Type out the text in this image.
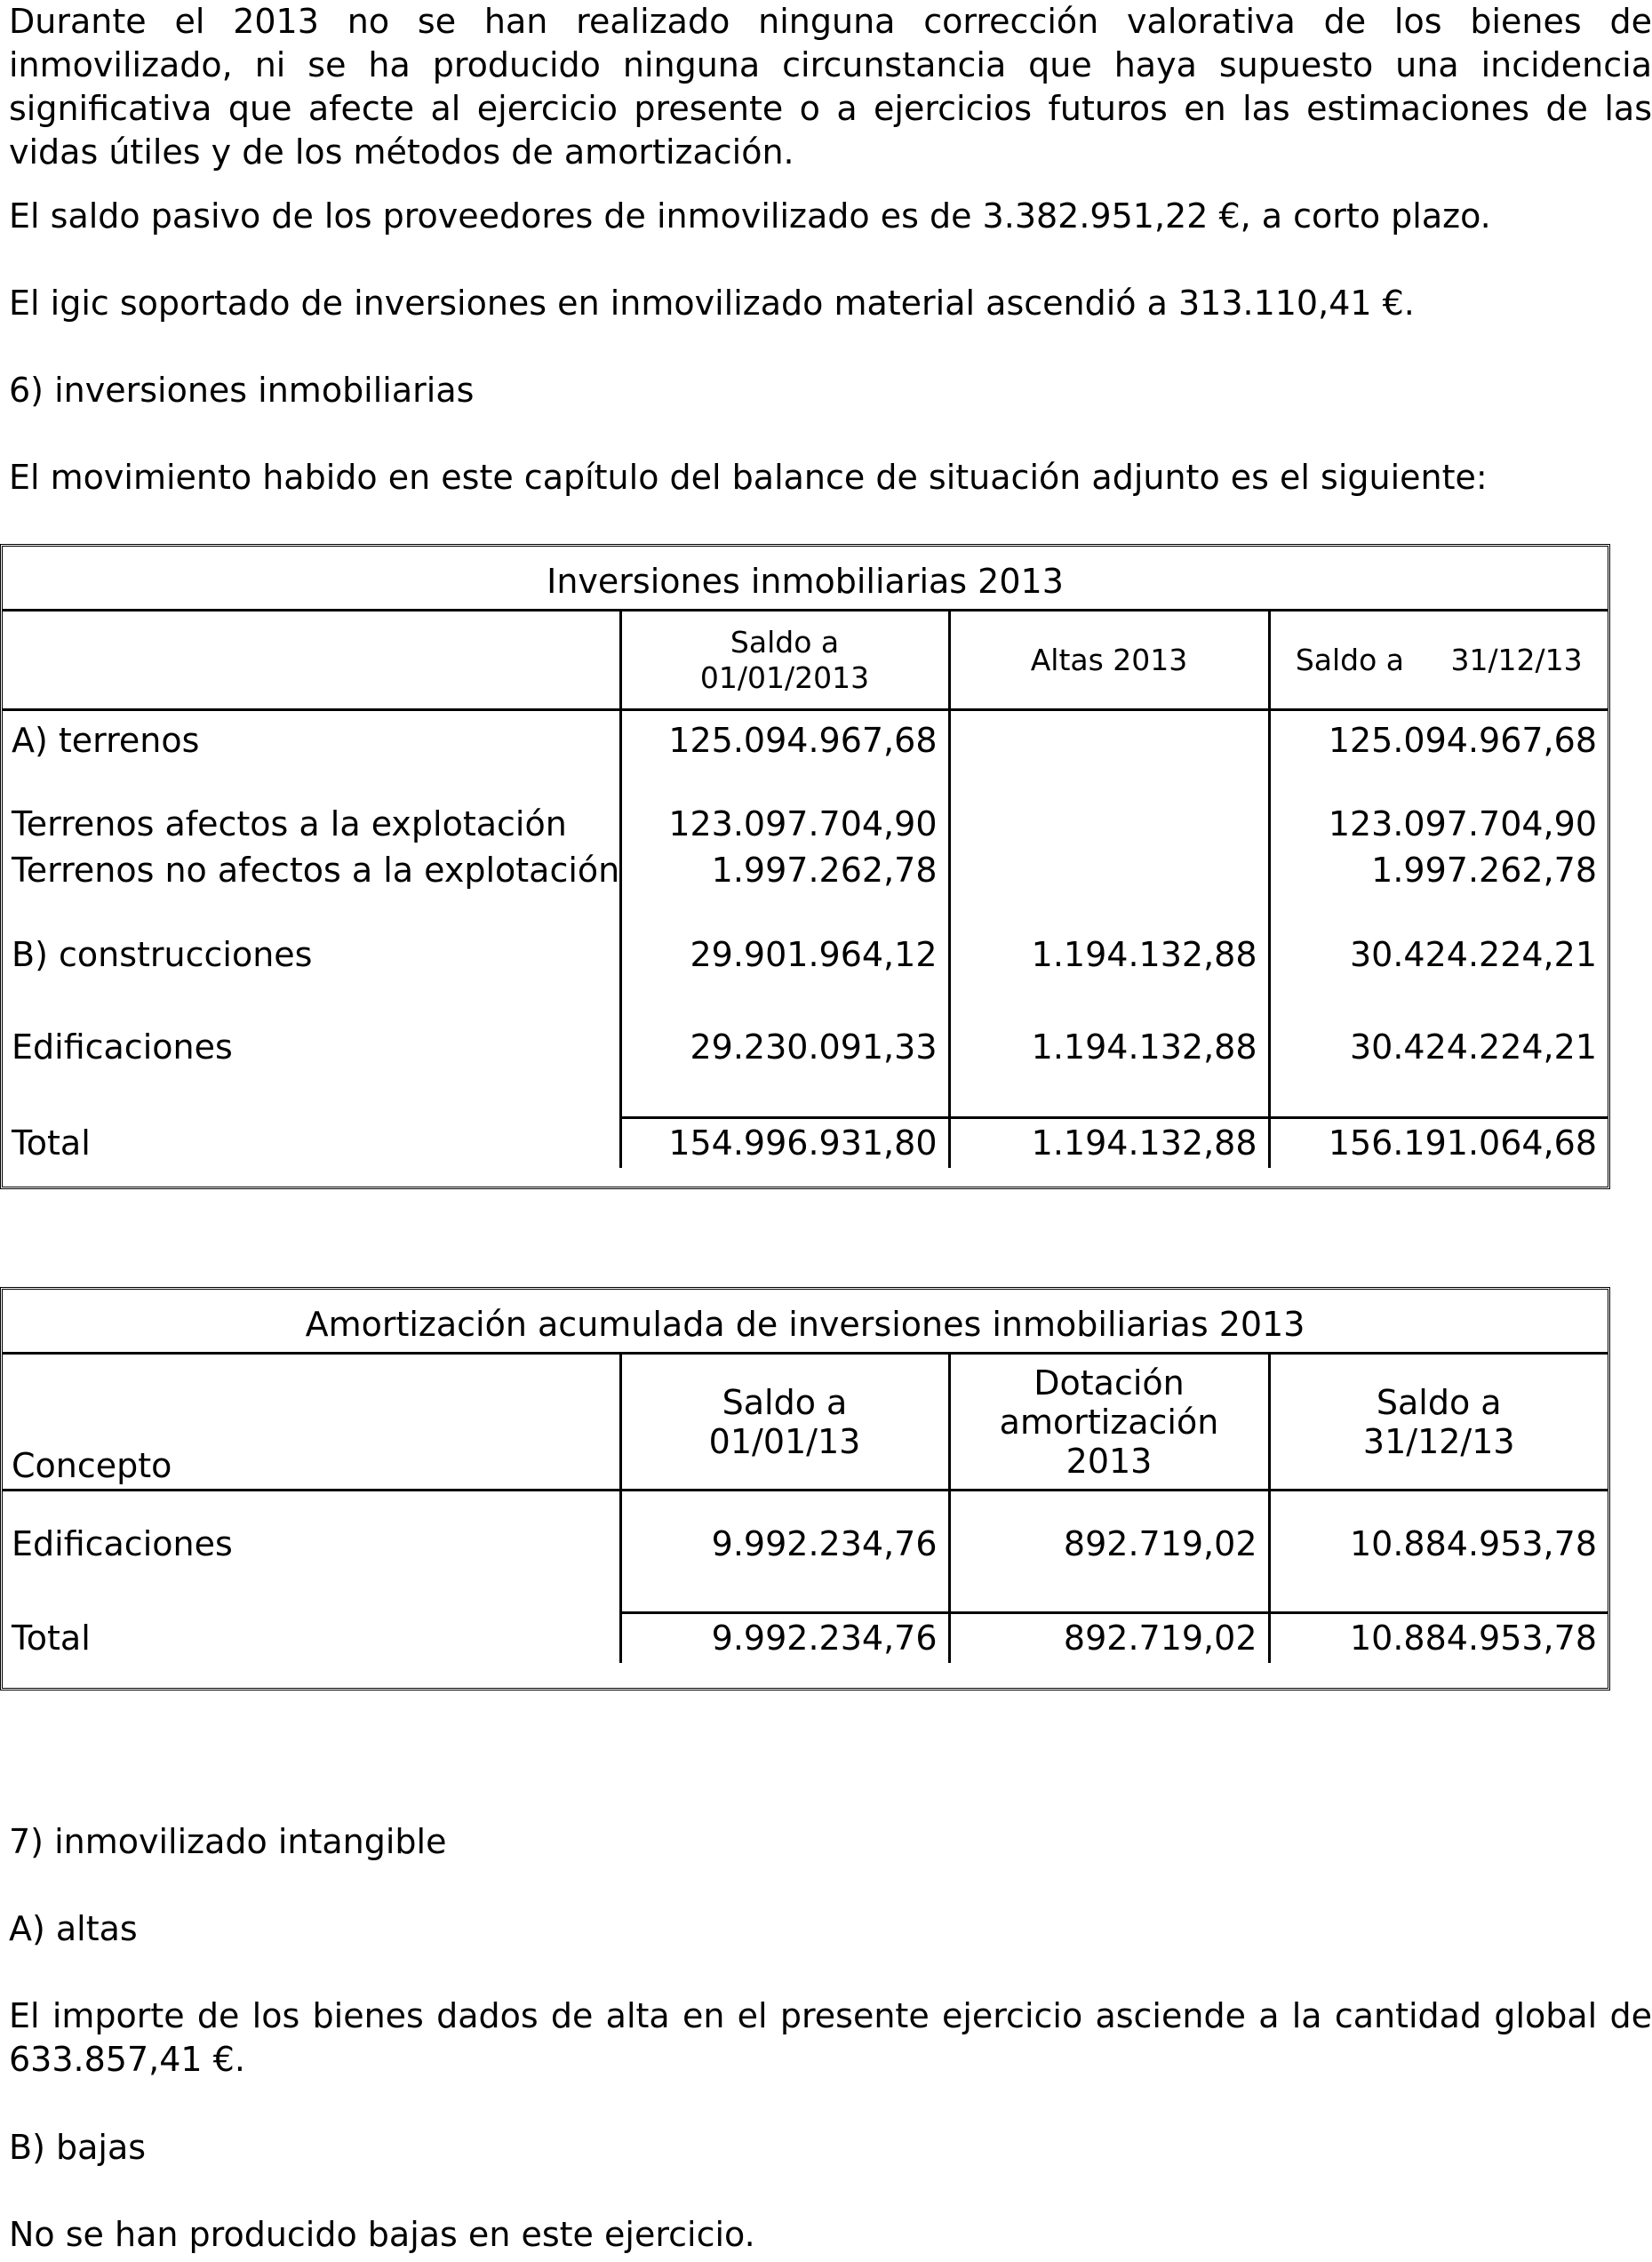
Durante el 2013 no se han realizado ninguna corrección valorativa de los bienes de inmovilizado, ni se ha producido ninguna circunstancia que haya supuesto una incidencia significativa que afecte al ejercicio presente o a ejercicios futuros en las estimaciones de las vidas útiles y de los métodos de amortización.

El saldo pasivo de los proveedores de inmovilizado es de 3.382.951,22 €, a corto plazo.

El igic soportado de inversiones en inmovilizado material ascendió a 313.110,41 €.

6) inversiones inmobiliarias

El movimiento habido en este capítulo del balance de situación adjunto es el siguiente:

Inversiones inmobiliarias 2013			

	Saldo a 01/01/2013	Altas 2013	Saldo a     31/12/13
A) terrenos	125.094.967,68		125.094.967,68

Terrenos afectos a la explotación	123.097.704,90		123.097.704,90
Terrenos no afectos a la explotación	1.997.262,78		1.997.262,78

B) construcciones	29.901.964,12	1.194.132,88	30.424.224,21

Edificaciones	29.230.091,33	1.194.132,88	30.424.224,21

Total	154.996.931,80	1.194.132,88	156.191.064,68
Amortización acumulada de inversiones inmobiliarias 2013			
Concepto	Saldo a 01/01/13	Dotación amortización 2013	Saldo a 31/12/13

Edificaciones	9.992.234,76	892.719,02	10.884.953,78

Total	9.992.234,76	892.719,02	10.884.953,78

7) inmovilizado intangible

A) altas

El importe de los bienes dados de alta en el presente ejercicio asciende a la cantidad global de 633.857,41 €.

B) bajas

No se han producido bajas en este ejercicio.
